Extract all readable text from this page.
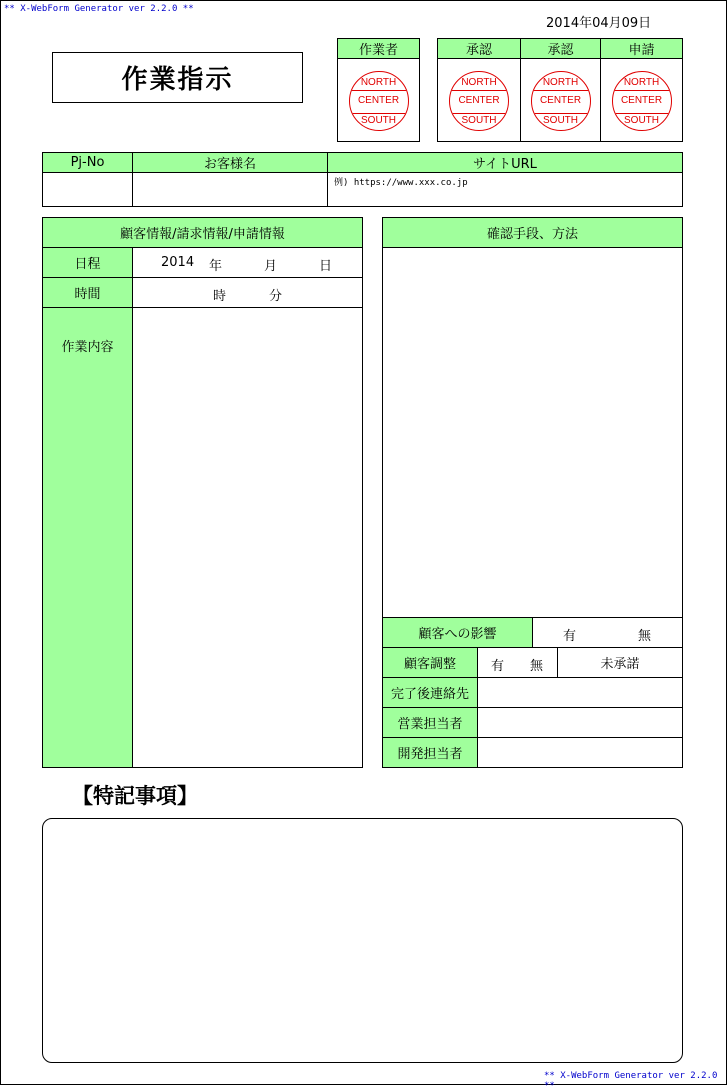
** X-WebForm Generator ver 2.2.0 **
2014年04月09日
作業指示
作業者
NORTH
CENTER
SOUTH
承認
NORTH
CENTER
SOUTH
承認
NORTH
CENTER
SOUTH
申請
NORTH
CENTER
SOUTH
Pj-No	お客様名	サイトURL
例) https://www.xxx.co.jp
顧客情報/請求情報/申請情報
日程	2014 年	月	日
時間	時	分
作業内容
確認手段、方法
顧客への影響	有	無
顧客調整	有 無	未承諾
完了後連絡先
営業担当者
開発担当者
【特記事項】
** X-WebForm Generator ver 2.2.0 **
